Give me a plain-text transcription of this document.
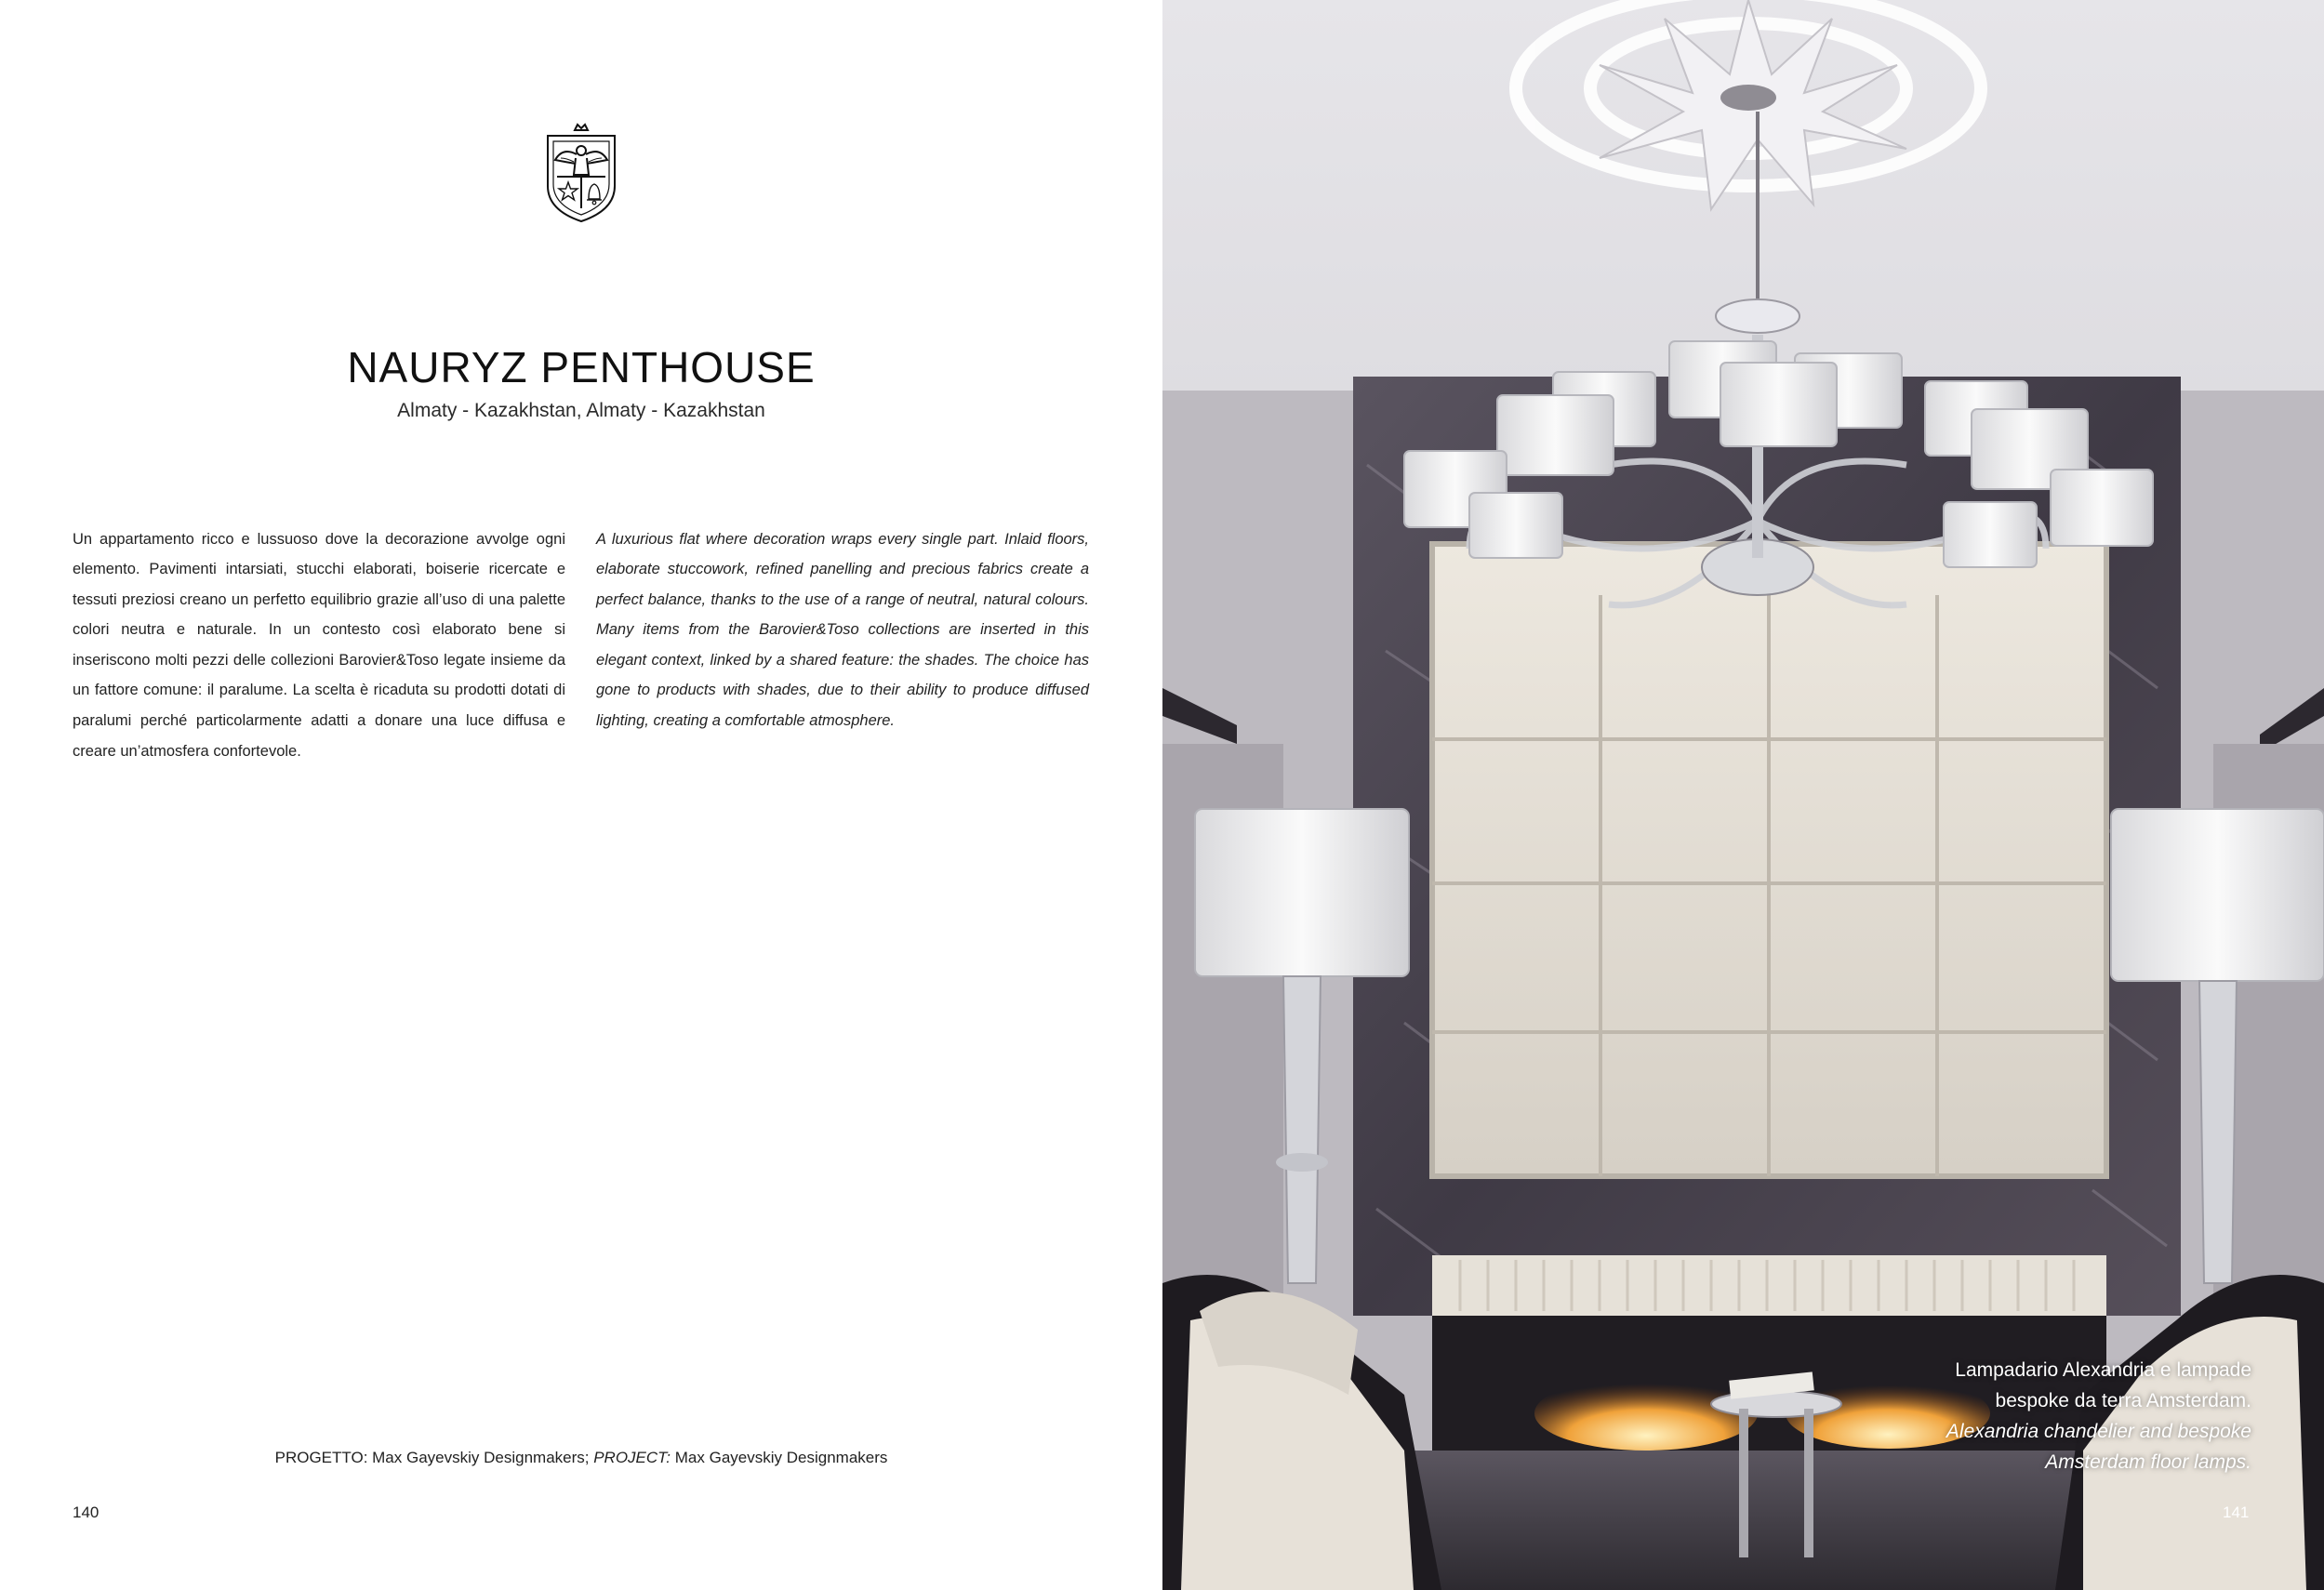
NAURYZ PENTHOUSE
Almaty - Kazakhstan, Almaty - Kazakhstan

Un appartamento ricco e lussuoso dove la decorazione avvolge ogni elemento. Pavimenti intarsiati, stucchi elaborati, boiserie ricercate e tessuti preziosi creano un perfetto equilibrio grazie all’uso di una palette colori neutra e naturale. In un contesto così elaborato bene si inseriscono molti pezzi delle collezioni Barovier&Toso legate insieme da un fattore comune: il paralume. La scelta è ricaduta su prodotti dotati di paralumi perché particolarmente adatti a donare una luce diffusa e creare un’atmosfera confortevole.

A luxurious flat where decoration wraps every single part. Inlaid floors, elaborate stuccowork, refined panelling and precious fabrics create a perfect balance, thanks to the use of a range of neutral, natural colours. Many items from the Barovier&Toso collections are inserted in this elegant context, linked by a shared feature: the shades. The choice has gone to products with shades, due to their ability to produce diffused lighting, creating a comfortable atmosphere.

PROGETTO: Max Gayevskiy Designmakers; PROJECT: Max Gayevskiy Designmakers
140
Lampadario Alexandria e lampade
bespoke da terra Amsterdam.
Alexandria chandelier and bespoke
Amsterdam floor lamps.
141
